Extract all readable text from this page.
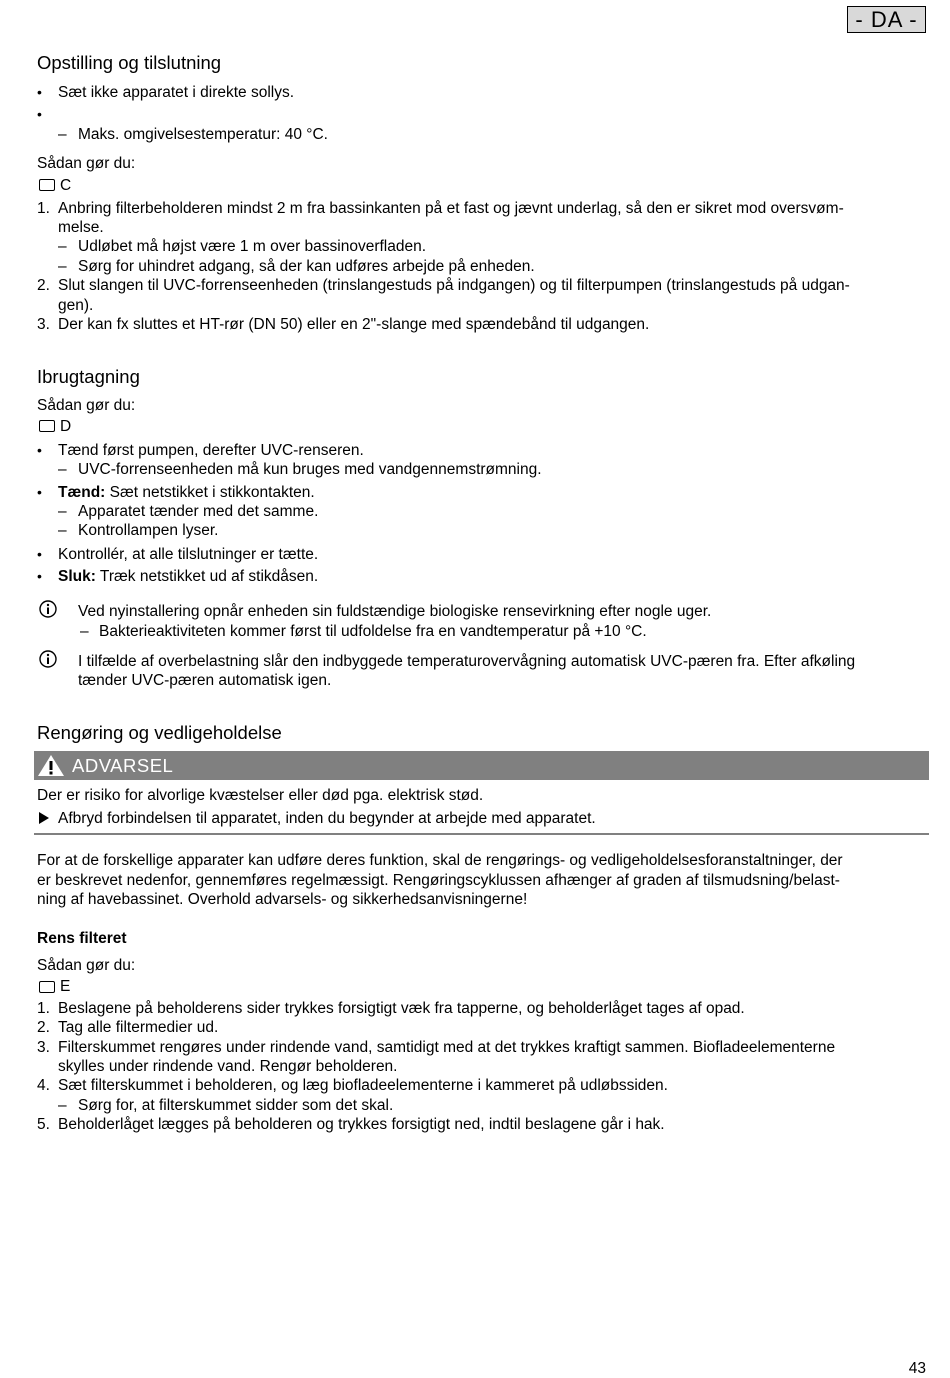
- DA -
Opstilling og tilslutning
•	Sæt ikke apparatet i direkte sollys.
•
– Maks. omgivelsestemperatur: 40 °C.
Sådan gør du:
C
1. Anbring filterbeholderen mindst 2 m fra bassinkanten på et fast og jævnt underlag, så den er sikret mod oversvøm-
melse.
– Udløbet må højst være 1 m over bassinoverfladen.
– Sørg for uhindret adgang, så der kan udføres arbejde på enheden.
2. Slut slangen til UVC-forrenseenheden (trinslangestuds på indgangen) og til filterpumpen (trinslangestuds på udgan-
gen).
3. Der kan fx sluttes et HT-rør (DN 50) eller en 2"-slange med spændebånd til udgangen.
Ibrugtagning
Sådan gør du:
D
•	Tænd først pumpen, derefter UVC-renseren.
– UVC-forrenseenheden må kun bruges med vandgennemstrømning.
•	Tænd: Sæt netstikket i stikkontakten.
– Apparatet tænder med det samme.
– Kontrollampen lyser.
•	Kontrollér, at alle tilslutninger er tætte.
•	Sluk: Træk netstikket ud af stikdåsen.
Ved nyinstallering opnår enheden sin fuldstændige biologiske rensevirkning efter nogle uger.
– Bakterieaktiviteten kommer først til udfoldelse fra en vandtemperatur på +10 °C.
I tilfælde af overbelastning slår den indbyggede temperaturovervågning automatisk UVC-pæren fra. Efter afkøling
tænder UVC-pæren automatisk igen.
Rengøring og vedligeholdelse
ADVARSEL
Der er risiko for alvorlige kvæstelser eller død pga. elektrisk stød.
Afbryd forbindelsen til apparatet, inden du begynder at arbejde med apparatet.
For at de forskellige apparater kan udføre deres funktion, skal de rengørings- og vedligeholdelsesforanstaltninger, der
er beskrevet nedenfor, gennemføres regelmæssigt. Rengøringscyklussen afhænger af graden af tilsmudsning/belast-
ning af havebassinet. Overhold advarsels- og sikkerhedsanvisningerne!
Rens filteret
Sådan gør du:
E
1. Beslagene på beholderens sider trykkes forsigtigt væk fra tapperne, og beholderlåget tages af opad.
2. Tag alle filtermedier ud.
3. Filterskummet rengøres under rindende vand, samtidigt med at det trykkes kraftigt sammen. Biofladeelementerne
skylles under rindende vand. Rengør beholderen.
4. Sæt filterskummet i beholderen, og læg biofladeelementerne i kammeret på udløbssiden.
– Sørg for, at filterskummet sidder som det skal.
5. Beholderlåget lægges på beholderen og trykkes forsigtigt ned, indtil beslagene går i hak.
43
